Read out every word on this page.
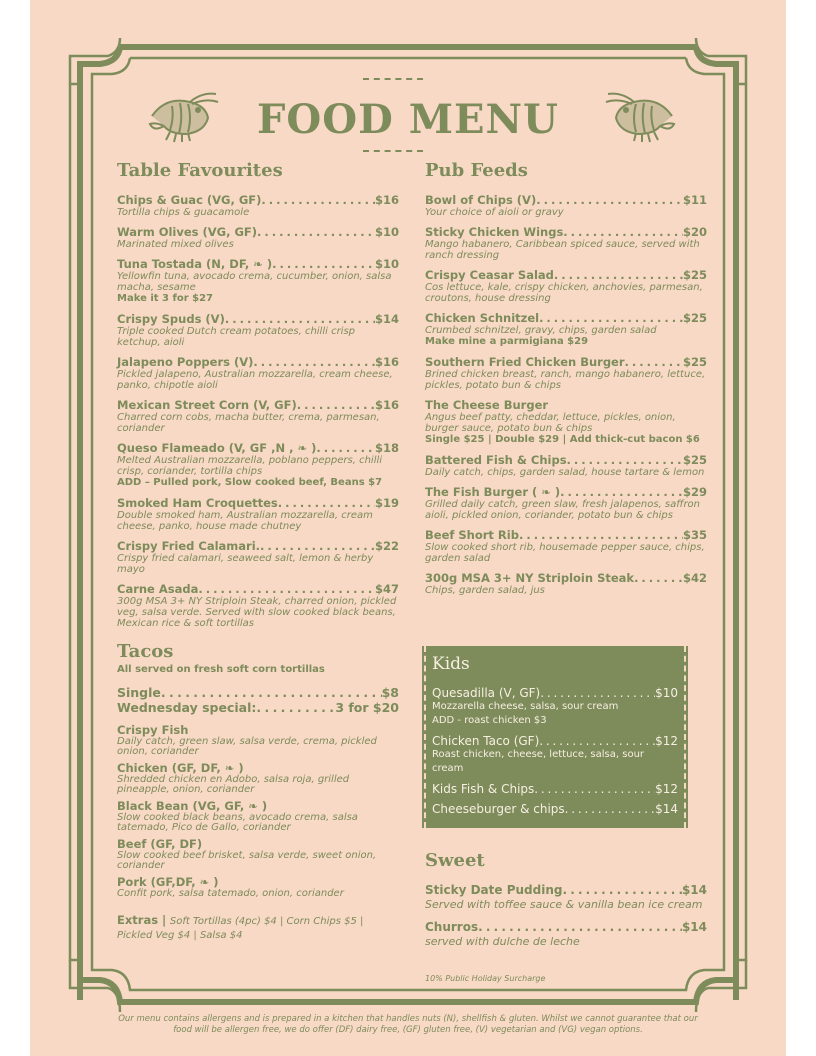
FOOD MENU
Table Favourites
Chips & Guac (VG, GF) . . .	$16
Tortilla chips & guacamole
Warm Olives (VG, GF) . . .	$10
Marinated mixed olives
Tuna Tostada (N, DF, ❧ ) . . .	$10
Yellowfin tuna, avocado crema, cucumber, onion, salsa macha, sesame
Make it 3 for $27
Crispy Spuds (V) . . .	$14
Triple cooked Dutch cream potatoes, chilli crisp ketchup, aioli
Jalapeno Poppers (V) . . .	$16
Pickled jalapeno, Australian mozzarella, cream cheese, panko, chipotle aioli
Mexican Street Corn (V, GF) . . .	$16
Charred corn cobs, macha butter, crema, parmesan, coriander
Queso Flameado (V, GF ,N , ❧ ) . . .	$18
Melted Australian mozzarella, poblano peppers, chilli crisp, coriander, tortilla chips
ADD – Pulled pork, Slow cooked beef, Beans $7
Smoked Ham Croquettes . . .	$19
Double smoked ham, Australian mozzarella, cream cheese, panko, house made chutney
Crispy Fried Calamari. . . .	$22
Crispy fried calamari, seaweed salt, lemon & herby mayo
Carne Asada . . .	$47
300g MSA 3+ NY Striploin Steak, charred onion, pickled veg, salsa verde. Served with slow cooked black beans, Mexican rice & soft tortillas
Tacos
All served on fresh soft corn tortillas
Single . . .	$8
Wednesday special: . . .	3 for $20
Crispy Fish
Daily catch, green slaw, salsa verde, crema, pickled onion, coriander
Chicken (GF, DF, ❧ )
Shredded chicken en Adobo, salsa roja, grilled pineapple, onion, coriander
Black Bean (VG, GF, ❧ )
Slow cooked black beans, avocado crema, salsa tatemado, Pico de Gallo, coriander
Beef (GF, DF)
Slow cooked beef brisket, salsa verde, sweet onion, coriander
Pork (GF,DF, ❧ )
Confit pork, salsa tatemado, onion, coriander
Extras | Soft Tortillas (4pc) $4 | Corn Chips $5 | Pickled Veg $4 | Salsa $4
Pub Feeds
Bowl of Chips (V) . . .	$11
Your choice of aioli or gravy
Sticky Chicken Wings . . .	$20
Mango habanero, Caribbean spiced sauce, served with ranch dressing
Crispy Ceasar Salad . . .	$25
Cos lettuce, kale, crispy chicken, anchovies, parmesan, croutons, house dressing
Chicken Schnitzel . . .	$25
Crumbed schnitzel, gravy, chips, garden salad
Make mine a parmigiana $29
Southern Fried Chicken Burger . . .	$25
Brined chicken breast, ranch, mango habanero, lettuce, pickles, potato bun & chips
The Cheese Burger
Angus beef patty, cheddar, lettuce, pickles, onion, burger sauce, potato bun & chips
Single $25 | Double $29 | Add thick-cut bacon $6
Battered Fish & Chips . . .	$25
Daily catch, chips, garden salad, house tartare & lemon
The Fish Burger ( ❧ ) . . .	$29
Grilled daily catch, green slaw, fresh jalapenos, saffron aioli, pickled onion, coriander, potato bun & chips
Beef Short Rib . . .	$35
Slow cooked short rib, housemade pepper sauce, chips, garden salad
300g MSA 3+ NY Striploin Steak . . .	$42
Chips, garden salad, jus
Kids
Quesadilla (V, GF) . . .	$10
Mozzarella cheese, salsa, sour cream
ADD - roast chicken $3
Chicken Taco (GF) . . .	$12
Roast chicken, cheese, lettuce, salsa, sour cream
Kids Fish & Chips . . .	$12
Cheeseburger & chips . . .	$14
Sweet
Sticky Date Pudding . . .	$14
Served with toffee sauce & vanilla bean ice cream
Churros . . .	$14
served with dulche de leche
10% Public Holiday Surcharge
Our menu contains allergens and is prepared in a kitchen that handles nuts (N), shellfish & gluten. Whilst we cannot guarantee that our food will be allergen free, we do offer (DF) dairy free, (GF) gluten free, (V) vegetarian and (VG) vegan options.
